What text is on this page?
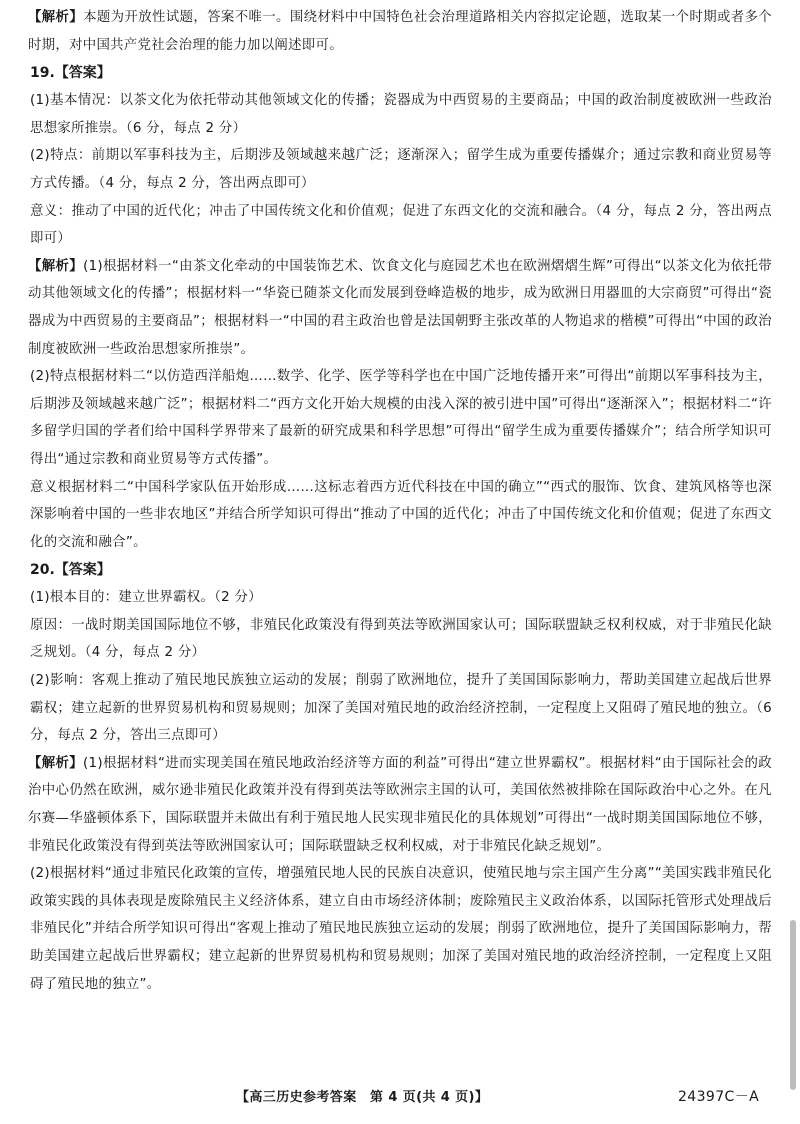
【解析】本题为开放性试题，答案不唯一。围绕材料中中国特色社会治理道路相关内容拟定论题，选取某一个时期或者多个时期，对中国共产党社会治理的能力加以阐述即可。

19.【答案】

(1)基本情况：以茶文化为依托带动其他领域文化的传播；瓷器成为中西贸易的主要商品；中国的政治制度被欧洲一些政治思想家所推崇。（6 分，每点 2 分）

(2)特点：前期以军事科技为主，后期涉及领域越来越广泛；逐渐深入；留学生成为重要传播媒介；通过宗教和商业贸易等方式传播。（4 分，每点 2 分，答出两点即可）

意义：推动了中国的近代化；冲击了中国传统文化和价值观；促进了东西文化的交流和融合。（4 分，每点 2 分，答出两点即可）

【解析】(1)根据材料一“由茶文化牵动的中国装饰艺术、饮食文化与庭园艺术也在欧洲熠熠生辉”可得出“以茶文化为依托带动其他领域文化的传播”；根据材料一“华瓷已随茶文化而发展到登峰造极的地步，成为欧洲日用器皿的大宗商贸”可得出“瓷器成为中西贸易的主要商品”；根据材料一“中国的君主政治也曾是法国朝野主张改革的人物追求的楷模”可得出“中国的政治制度被欧洲一些政治思想家所推崇”。

(2)特点根据材料二“以仿造西洋船炮……数学、化学、医学等科学也在中国广泛地传播开来”可得出“前期以军事科技为主，后期涉及领域越来越广泛”；根据材料二“西方文化开始大规模的由浅入深的被引进中国”可得出“逐渐深入”；根据材料二“许多留学归国的学者们给中国科学界带来了最新的研究成果和科学思想”可得出“留学生成为重要传播媒介”；结合所学知识可得出“通过宗教和商业贸易等方式传播”。

意义根据材料二“中国科学家队伍开始形成……这标志着西方近代科技在中国的确立”“西式的服饰、饮食、建筑风格等也深深影响着中国的一些非农地区”并结合所学知识可得出“推动了中国的近代化；冲击了中国传统文化和价值观；促进了东西文化的交流和融合”。

20.【答案】

(1)根本目的：建立世界霸权。（2 分）

原因：一战时期美国国际地位不够，非殖民化政策没有得到英法等欧洲国家认可；国际联盟缺乏权利权威，对于非殖民化缺乏规划。（4 分，每点 2 分）

(2)影响：客观上推动了殖民地民族独立运动的发展；削弱了欧洲地位，提升了美国国际影响力，帮助美国建立起战后世界霸权；建立起新的世界贸易机构和贸易规则；加深了美国对殖民地的政治经济控制，一定程度上又阻碍了殖民地的独立。（6 分，每点 2 分，答出三点即可）

【解析】(1)根据材料“进而实现美国在殖民地政治经济等方面的利益”可得出“建立世界霸权”。根据材料“由于国际社会的政治中心仍然在欧洲，威尔逊非殖民化政策并没有得到英法等欧洲宗主国的认可，美国依然被排除在国际政治中心之外。在凡尔赛—华盛顿体系下，国际联盟并未做出有利于殖民地人民实现非殖民化的具体规划”可得出“一战时期美国国际地位不够，非殖民化政策没有得到英法等欧洲国家认可；国际联盟缺乏权利权威，对于非殖民化缺乏规划”。

(2)根据材料“通过非殖民化政策的宣传，增强殖民地人民的民族自决意识，使殖民地与宗主国产生分离”“美国实践非殖民化政策实践的具体表现是废除殖民主义经济体系，建立自由市场经济体制；废除殖民主义政治体系，以国际托管形式处理战后非殖民化”并结合所学知识可得出“客观上推动了殖民地民族独立运动的发展；削弱了欧洲地位，提升了美国国际影响力，帮助美国建立起战后世界霸权；建立起新的世界贸易机构和贸易规则；加深了美国对殖民地的政治经济控制，一定程度上又阻碍了殖民地的独立”。

【高三历史参考答案　第 4 页(共 4 页)】	24397C－A
